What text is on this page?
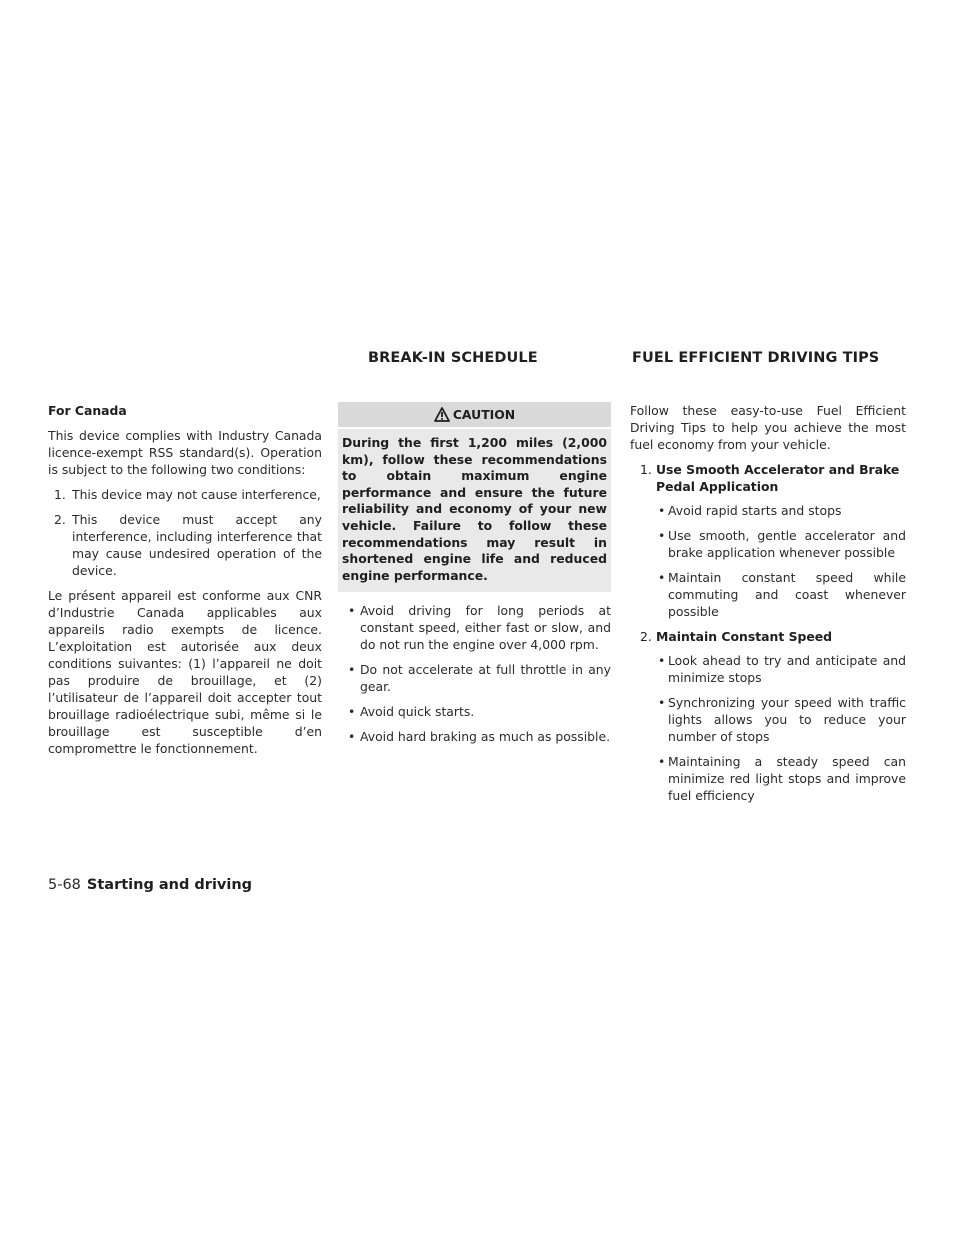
BREAK-IN SCHEDULE	FUEL EFFICIENT DRIVING TIPS

For Canada

This device complies with Industry Canada licence-exempt RSS standard(s). Operation is subject to the following two conditions:

1. This device may not cause interference,
2. This device must accept any interference, including interference that may cause undesired operation of the device.

Le présent appareil est conforme aux CNR d’Industrie Canada applicables aux appareils radio exempts de licence. L’exploitation est autorisée aux deux conditions suivantes: (1) l’appareil ne doit pas produire de brouillage, et (2) l’utilisateur de l’appareil doit accepter tout brouillage radioélectrique subi, même si le brouillage est susceptible d’en compromettre le fonctionnement.

CAUTION
During the first 1,200 miles (2,000 km), follow these recommendations to obtain maximum engine performance and ensure the future reliability and economy of your new vehicle. Failure to follow these recommendations may result in shortened engine life and reduced engine performance.
• Avoid driving for long periods at constant speed, either fast or slow, and do not run the engine over 4,000 rpm.
• Do not accelerate at full throttle in any gear.
• Avoid quick starts.
• Avoid hard braking as much as possible.

Follow these easy-to-use Fuel Efficient Driving Tips to help you achieve the most fuel economy from your vehicle.

1. Use Smooth Accelerator and Brake Pedal Application
• Avoid rapid starts and stops
• Use smooth, gentle accelerator and brake application whenever possible
• Maintain constant speed while commuting and coast whenever possible
2. Maintain Constant Speed
• Look ahead to try and anticipate and minimize stops
• Synchronizing your speed with traffic lights allows you to reduce your number of stops
• Maintaining a steady speed can minimize red light stops and improve fuel efficiency
5-68 Starting and driving
